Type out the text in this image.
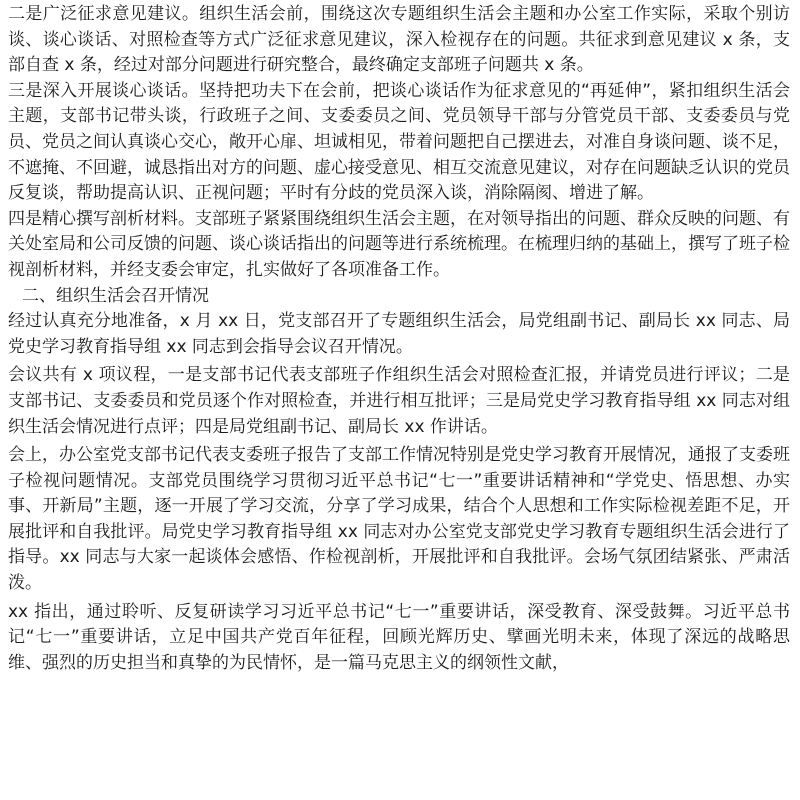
二是广泛征求意见建议。组织生活会前，围绕这次专题组织生活会主题和办公室工作实际，采取个别访谈、谈心谈话、对照检查等方式广泛征求意见建议，深入检视存在的问题。共征求到意见建议 x 条，支部自查 x 条，经过对部分问题进行研究整合，最终确定支部班子问题共 x 条。

三是深入开展谈心谈话。坚持把功夫下在会前，把谈心谈话作为征求意见的“再延伸”，紧扣组织生活会主题，支部书记带头谈，行政班子之间、支委委员之间、党员领导干部与分管党员干部、支委委员与党员、党员之间认真谈心交心，敞开心扉、坦诚相见，带着问题把自己摆进去，对准自身谈问题、谈不足，不遮掩、不回避，诚恳指出对方的问题、虚心接受意见、相互交流意见建议，对存在问题缺乏认识的党员反复谈，帮助提高认识、正视问题；平时有分歧的党员深入谈，消除隔阂、增进了解。

四是精心撰写剖析材料。支部班子紧紧围绕组织生活会主题，在对领导指出的问题、群众反映的问题、有关处室局和公司反馈的问题、谈心谈话指出的问题等进行系统梳理。在梳理归纳的基础上，撰写了班子检视剖析材料，并经支委会审定，扎实做好了各项准备工作。

二、组织生活会召开情况

经过认真充分地准备，x 月 xx 日，党支部召开了专题组织生活会，局党组副书记、副局长 xx 同志、局党史学习教育指导组 xx 同志到会指导会议召开情况。

会议共有 x 项议程，一是支部书记代表支部班子作组织生活会对照检查汇报，并请党员进行评议；二是支部书记、支委委员和党员逐个作对照检查，并进行相互批评；三是局党史学习教育指导组 xx 同志对组织生活会情况进行点评；四是局党组副书记、副局长 xx 作讲话。

会上，办公室党支部书记代表支委班子报告了支部工作情况特别是党史学习教育开展情况，通报了支委班子检视问题情况。支部党员围绕学习贯彻习近平总书记“七一”重要讲话精神和“学党史、悟思想、办实事、开新局”主题，逐一开展了学习交流，分享了学习成果，结合个人思想和工作实际检视差距不足，开展批评和自我批评。局党史学习教育指导组 xx 同志对办公室党支部党史学习教育专题组织生活会进行了指导。xx 同志与大家一起谈体会感悟、作检视剖析，开展批评和自我批评。会场气氛团结紧张、严肃活泼。

xx 指出，通过聆听、反复研读学习习近平总书记“七一”重要讲话，深受教育、深受鼓舞。习近平总书记“七一”重要讲话，立足中国共产党百年征程，回顾光辉历史、擘画光明未来，体现了深远的战略思维、强烈的历史担当和真挚的为民情怀，是一篇马克思主义的纲领性文献，
